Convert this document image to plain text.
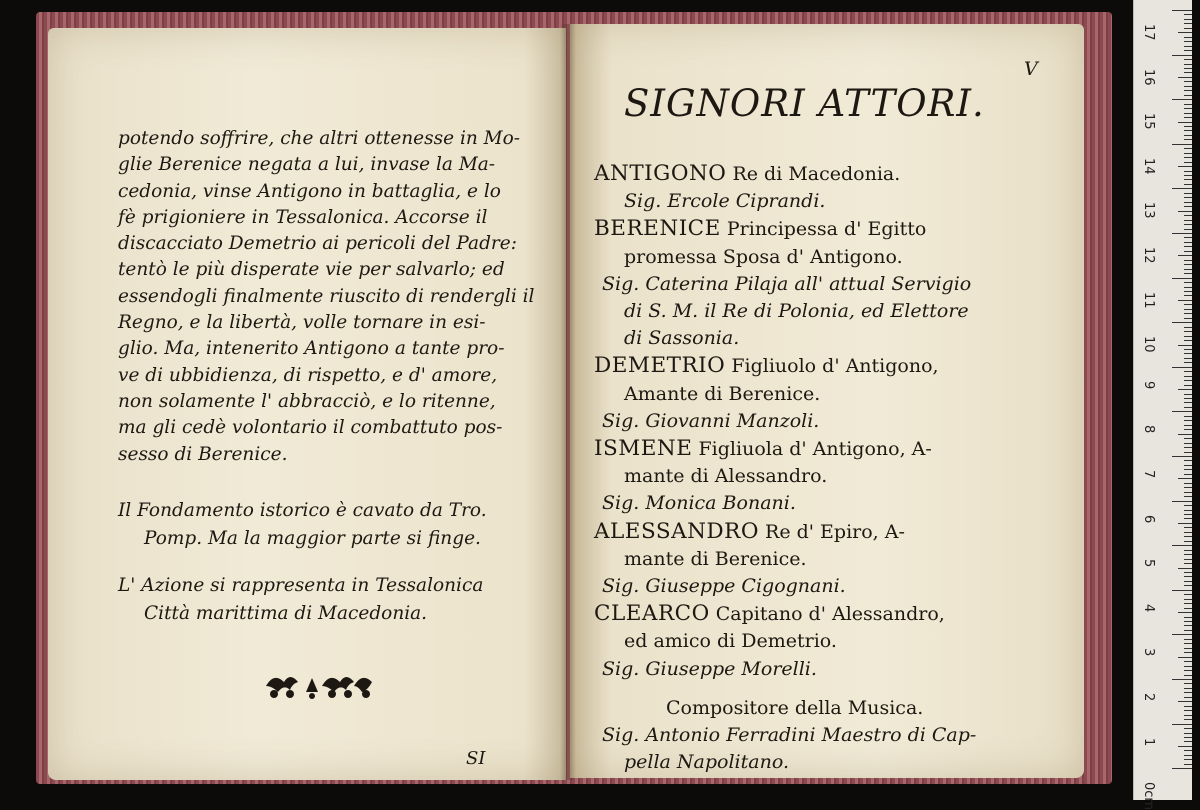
potendo soffrire, che altri ottenesse in Mo-
glie Berenice negata a lui, invase la Ma-
cedonia, vinse Antigono in battaglia, e lo
fè prigioniere in Tessalonica. Accorse il
discacciato Demetrio ai pericoli del Padre:
tentò le più disperate vie per salvarlo; ed
essendogli finalmente riuscito di rendergli il
Regno, e la libertà, volle tornare in esi-
glio. Ma, intenerito Antigono a tante pro-
ve di ubbidienza, di rispetto, e d' amore,
non solamente l' abbracciò, e lo ritenne,
ma gli cedè volontario il combattuto pos-
sesso di Berenice.
Il Fondamento istorico è cavato da Tro.
Pomp. Ma la maggior parte si finge.
L' Azione si rappresenta in Tessalonica
Città marittima di Macedonia.
SI
V
SIGNORI ATTORI.
ANTIGONO Re di Macedonia.
Sig. Ercole Ciprandi.
BERENICE Principessa d' Egitto
promessa Sposa d' Antigono.
Sig. Caterina Pilaja all' attual Servigio
di S. M. il Re di Polonia, ed Elettore
di Sassonia.
DEMETRIO Figliuolo d' Antigono,
Amante di Berenice.
Sig. Giovanni Manzoli.
ISMENE Figliuola d' Antigono, A-
mante di Alessandro.
Sig. Monica Bonani.
ALESSANDRO Re d' Epiro, A-
mante di Berenice.
Sig. Giuseppe Cigognani.
CLEARCO Capitano d' Alessandro,
ed amico di Demetrio.
Sig. Giuseppe Morelli.
Compositore della Musica.
Sig. Antonio Ferradini Maestro di Cap-
pella Napolitano.
17
16
15
14
13
12
11
10
9
8
7
6
5
4
3
2
1
0cm
